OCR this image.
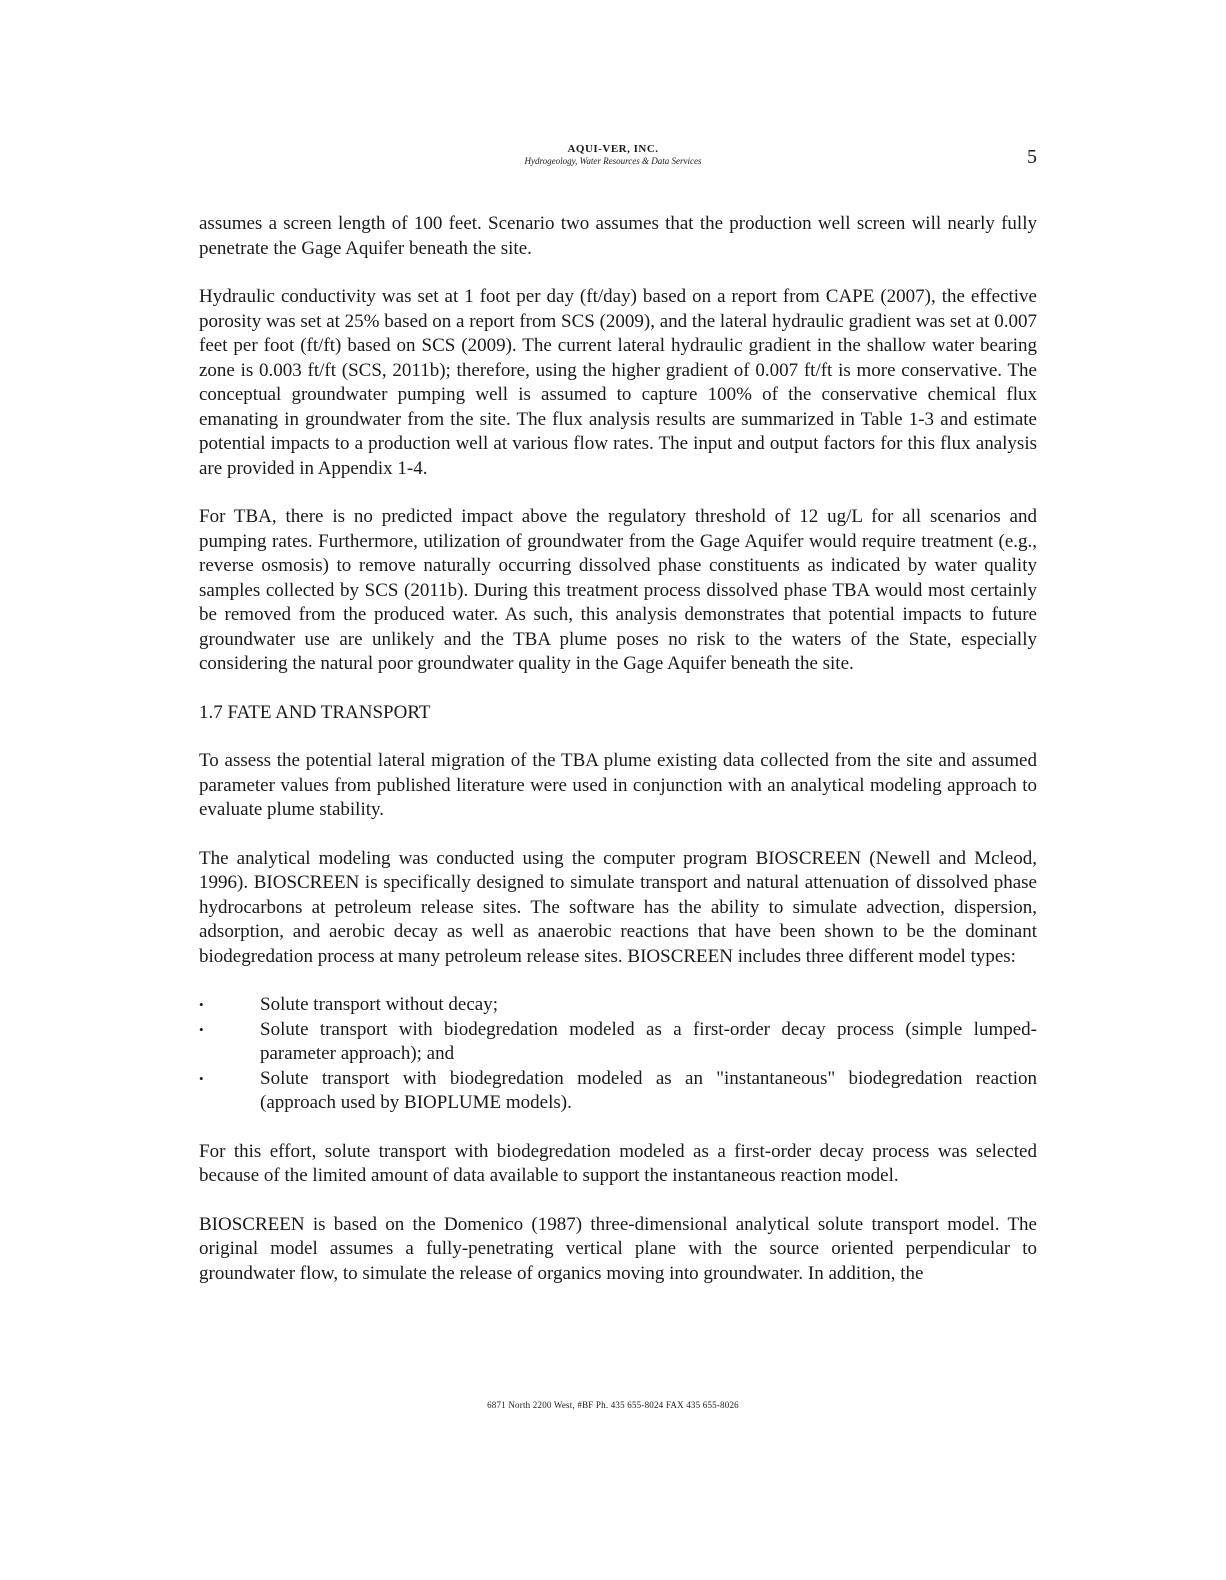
AQUI-VER, INC.
Hydrogeology, Water Resources & Data Services	5

assumes a screen length of 100 feet. Scenario two assumes that the production well screen will nearly fully penetrate the Gage Aquifer beneath the site.

Hydraulic conductivity was set at 1 foot per day (ft/day) based on a report from CAPE (2007), the effective porosity was set at 25% based on a report from SCS (2009), and the lateral hydraulic gradient was set at 0.007 feet per foot (ft/ft) based on SCS (2009). The current lateral hydraulic gradient in the shallow water bearing zone is 0.003 ft/ft (SCS, 2011b); therefore, using the higher gradient of 0.007 ft/ft is more conservative. The conceptual groundwater pumping well is assumed to capture 100% of the conservative chemical flux emanating in groundwater from the site. The flux analysis results are summarized in Table 1-3 and estimate potential impacts to a production well at various flow rates. The input and output factors for this flux analysis are provided in Appendix 1-4.

For TBA, there is no predicted impact above the regulatory threshold of 12 ug/L for all scenarios and pumping rates. Furthermore, utilization of groundwater from the Gage Aquifer would require treatment (e.g., reverse osmosis) to remove naturally occurring dissolved phase constituents as indicated by water quality samples collected by SCS (2011b). During this treatment process dissolved phase TBA would most certainly be removed from the produced water. As such, this analysis demonstrates that potential impacts to future groundwater use are unlikely and the TBA plume poses no risk to the waters of the State, especially considering the natural poor groundwater quality in the Gage Aquifer beneath the site.

1.7 FATE AND TRANSPORT

To assess the potential lateral migration of the TBA plume existing data collected from the site and assumed parameter values from published literature were used in conjunction with an analytical modeling approach to evaluate plume stability.

The analytical modeling was conducted using the computer program BIOSCREEN (Newell and Mcleod, 1996). BIOSCREEN is specifically designed to simulate transport and natural attenuation of dissolved phase hydrocarbons at petroleum release sites. The software has the ability to simulate advection, dispersion, adsorption, and aerobic decay as well as anaerobic reactions that have been shown to be the dominant biodegredation process at many petroleum release sites. BIOSCREEN includes three different model types:

•	Solute transport without decay;
•	Solute transport with biodegredation modeled as a first-order decay process (simple lumped-parameter approach); and
•	Solute transport with biodegredation modeled as an "instantaneous" biodegredation reaction (approach used by BIOPLUME models).

For this effort, solute transport with biodegredation modeled as a first-order decay process was selected because of the limited amount of data available to support the instantaneous reaction model.

BIOSCREEN is based on the Domenico (1987) three-dimensional analytical solute transport model. The original model assumes a fully-penetrating vertical plane with the source oriented perpendicular to groundwater flow, to simulate the release of organics moving into groundwater. In addition, the

6871 North 2200 West, #BF Ph. 435 655-8024 FAX 435 655-8026
